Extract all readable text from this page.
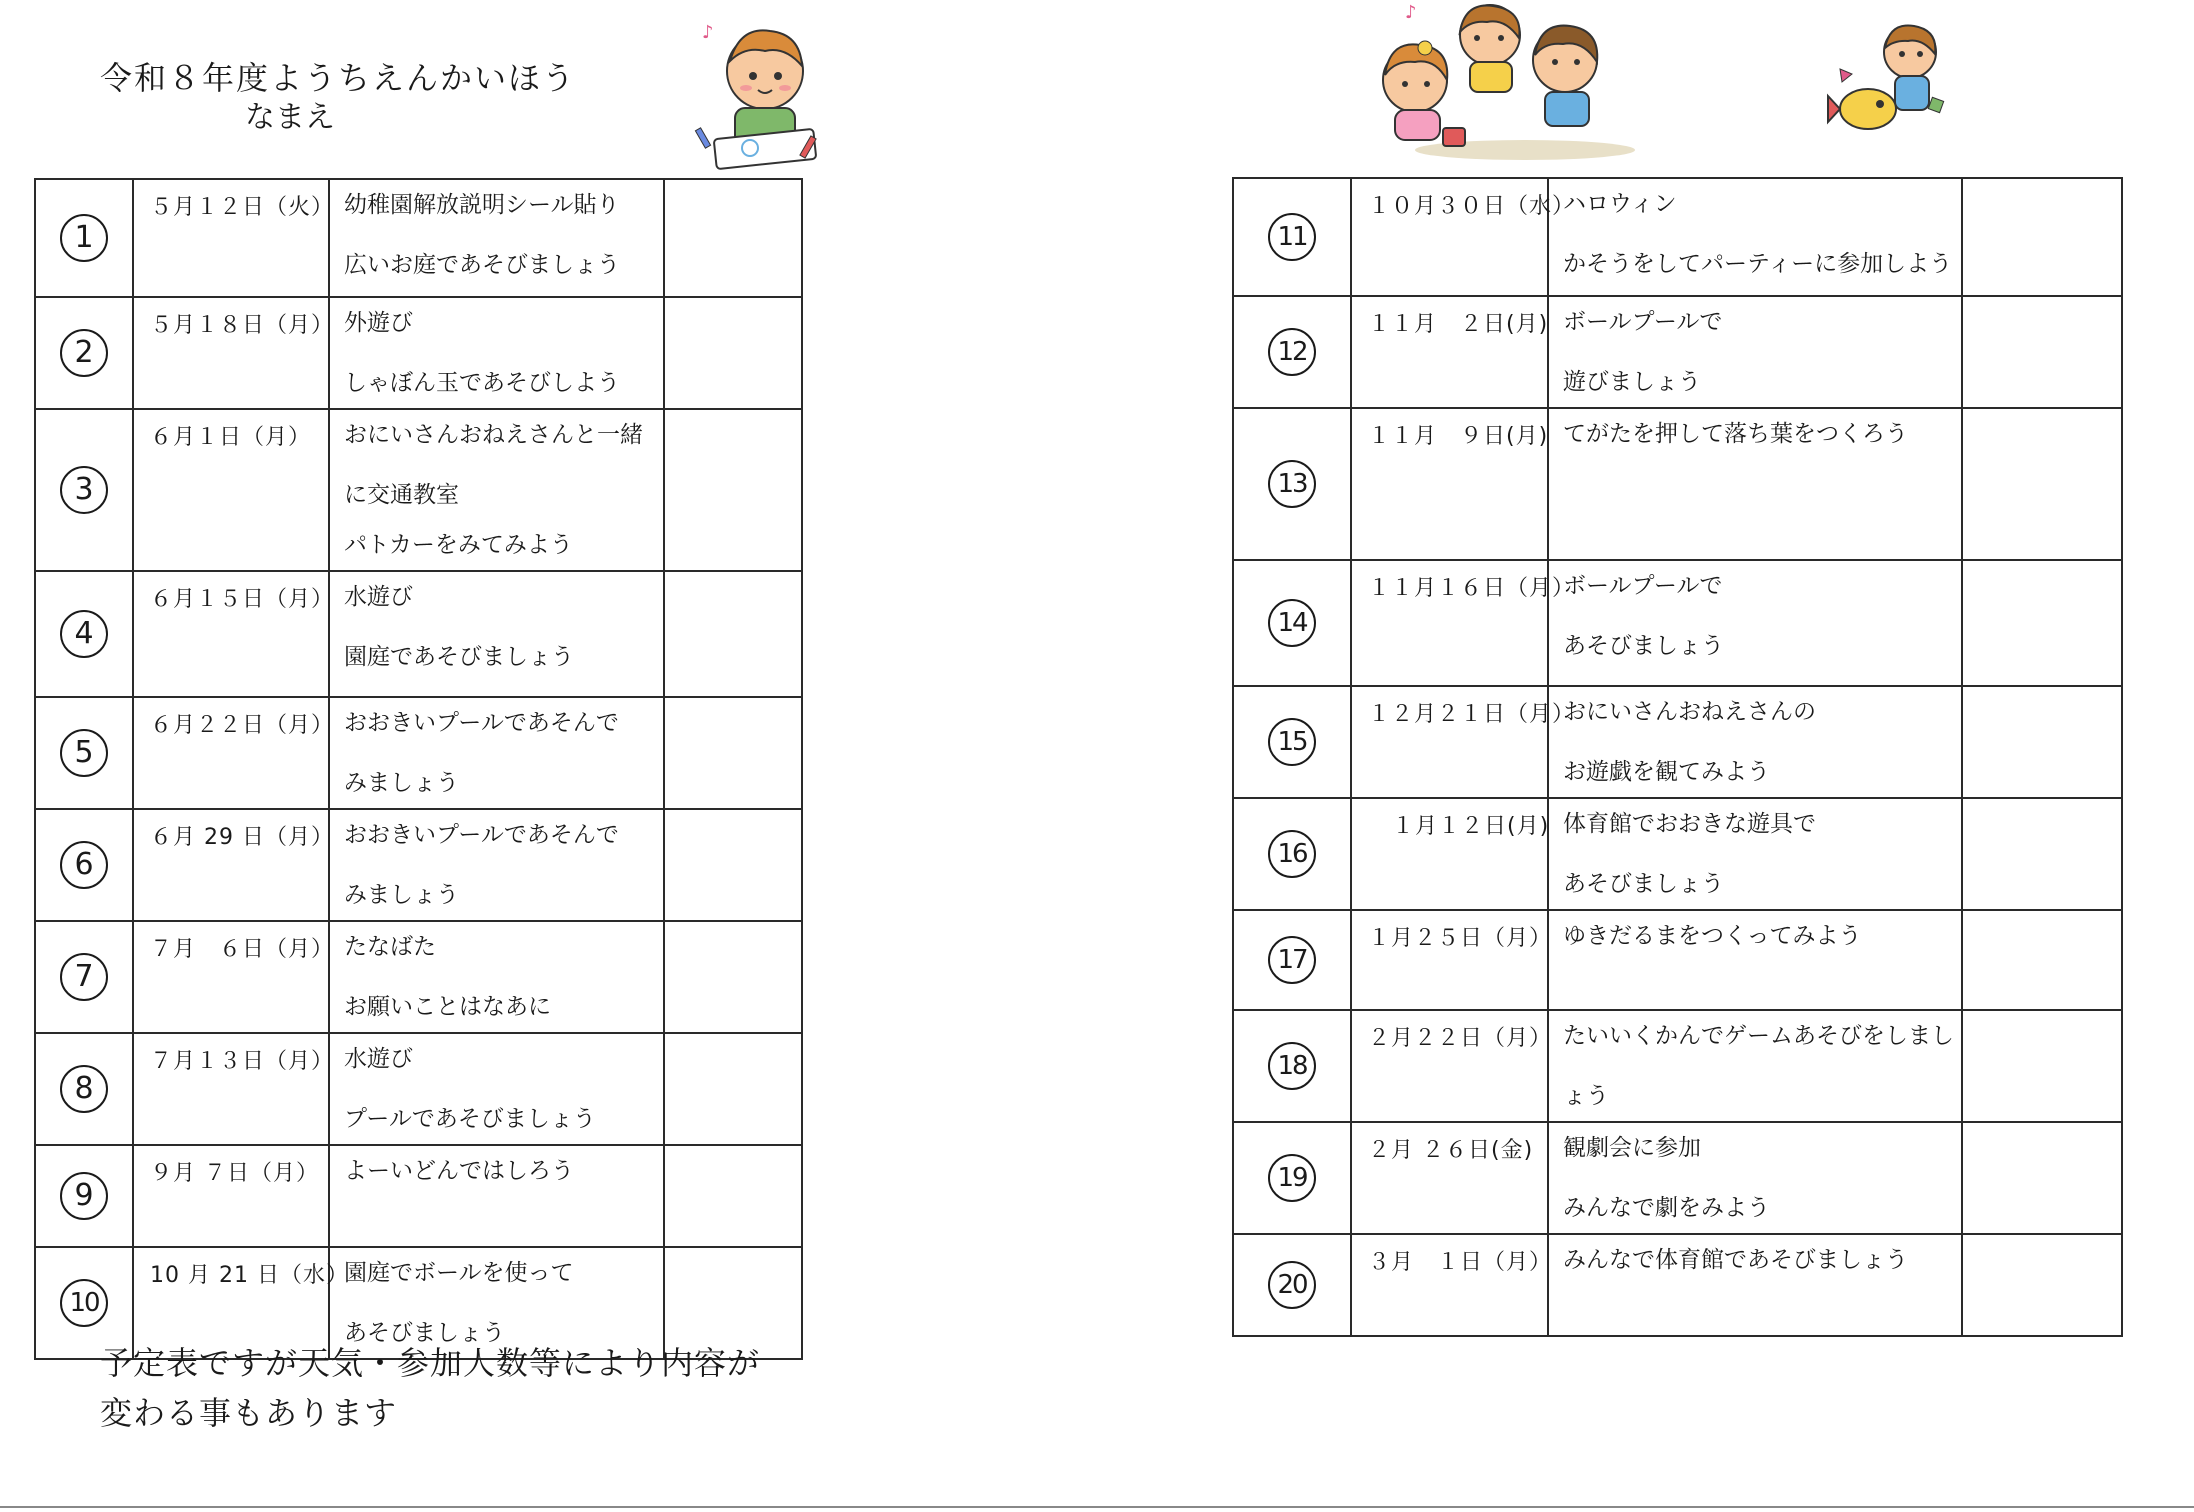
令和８年度ようちえんかいほう
なまえ
♪
♪
1	５月１２日（火）	幼稚園解放説明シール貼り
広いお庭であそびましょう	

2	５月１８日（月）	外遊び
しゃぼん玉であそびしよう	

3	６月１日（月）	おにいさんおねえさんと一緒
に交通教室
パトカーをみてみよう	

4	６月１５日（月）	水遊び
園庭であそびましょう	

5	６月２２日（月）	おおきいプールであそんで
みましょう	

6	６月 29 日（月）	おおきいプールであそんで
みましょう	

7	７月　６日（月）	たなばた
お願いことはなあに	

8	７月１３日（月）	水遊び
プールであそびましょう	

9	９月 ７日（月）	よーいどんではしろう	

10	10 月 21 日（水）	園庭でボールを使って
あそびましょう	

11	１０月３０日（水）	ハロウィン
かそうをしてパーティーに参加しよう	

12	１１月　２日(月)	ボールプールで
遊びましょう	

13	１１月　９日(月)	てがたを押して落ち葉をつくろう	

14	１１月１６日（月）	ボールプールで
あそびましょう	

15	１２月２１日（月）	おにいさんおねえさんの
お遊戯を観てみよう	

16	１月１２日(月)	体育館でおおきな遊具で
あそびましょう	

17	１月２５日（月）	ゆきだるまをつくってみよう	

18	２月２２日（月）	たいいくかんでゲームあそびをしまし
ょう	

19	２月 ２６日(金)	観劇会に参加
みんなで劇をみよう	

20	３月　１日（月）	みんなで体育館であそびましょう	

予定表ですが天気・参加人数等により内容が
変わる事もあります
